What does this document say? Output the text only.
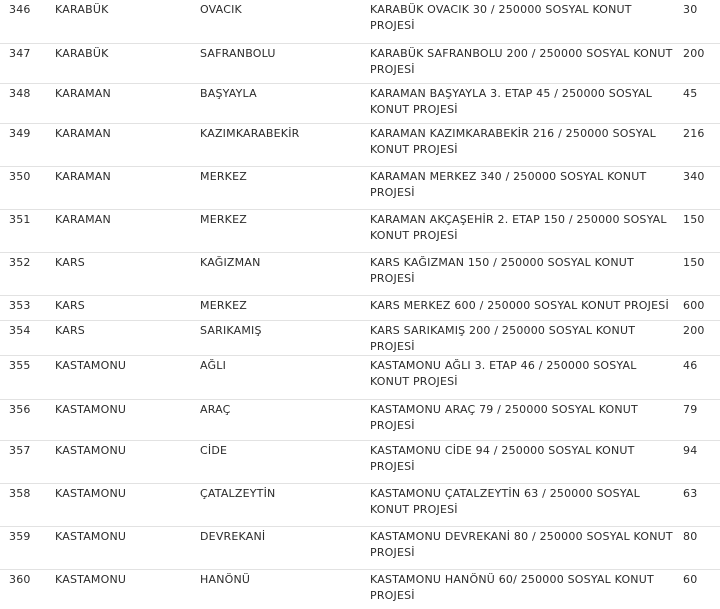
346	KARABÜK	OVACIK	KARABÜK OVACIK 30 / 250000 SOSYAL KONUT PROJESİ	30

347	KARABÜK	SAFRANBOLU	KARABÜK SAFRANBOLU 200 / 250000 SOSYAL KONUT PROJESİ	200

348	KARAMAN	BAŞYAYLA	KARAMAN BAŞYAYLA 3. ETAP 45 / 250000 SOSYAL KONUT PROJESİ	45

349	KARAMAN	KAZIMKARABEKİR	KARAMAN KAZIMKARABEKİR 216 / 250000 SOSYAL KONUT PROJESİ	216

350	KARAMAN	MERKEZ	KARAMAN MERKEZ 340 / 250000 SOSYAL KONUT PROJESİ	340

351	KARAMAN	MERKEZ	KARAMAN AKÇAŞEHİR 2. ETAP 150 / 250000 SOSYAL KONUT PROJESİ	150

352	KARS	KAĞIZMAN	KARS KAĞIZMAN 150 / 250000 SOSYAL KONUT PROJESİ	150

353	KARS	MERKEZ	KARS MERKEZ 600 / 250000 SOSYAL KONUT PROJESİ	600

354	KARS	SARIKAMIŞ	KARS SARIKAMIŞ 200 / 250000 SOSYAL KONUT PROJESİ	200

355	KASTAMONU	AĞLI	KASTAMONU AĞLI 3. ETAP 46 / 250000 SOSYAL KONUT PROJESİ	46

356	KASTAMONU	ARAÇ	KASTAMONU ARAÇ 79 / 250000 SOSYAL KONUT PROJESİ	79

357	KASTAMONU	CİDE	KASTAMONU CİDE 94 / 250000 SOSYAL KONUT PROJESİ	94

358	KASTAMONU	ÇATALZEYTİN	KASTAMONU ÇATALZEYTİN 63 / 250000 SOSYAL KONUT PROJESİ	63

359	KASTAMONU	DEVREKANİ	KASTAMONU DEVREKANİ 80 / 250000 SOSYAL KONUT PROJESİ	80

360	KASTAMONU	HANÖNÜ	KASTAMONU HANÖNÜ 60/ 250000 SOSYAL KONUT PROJESİ	60
